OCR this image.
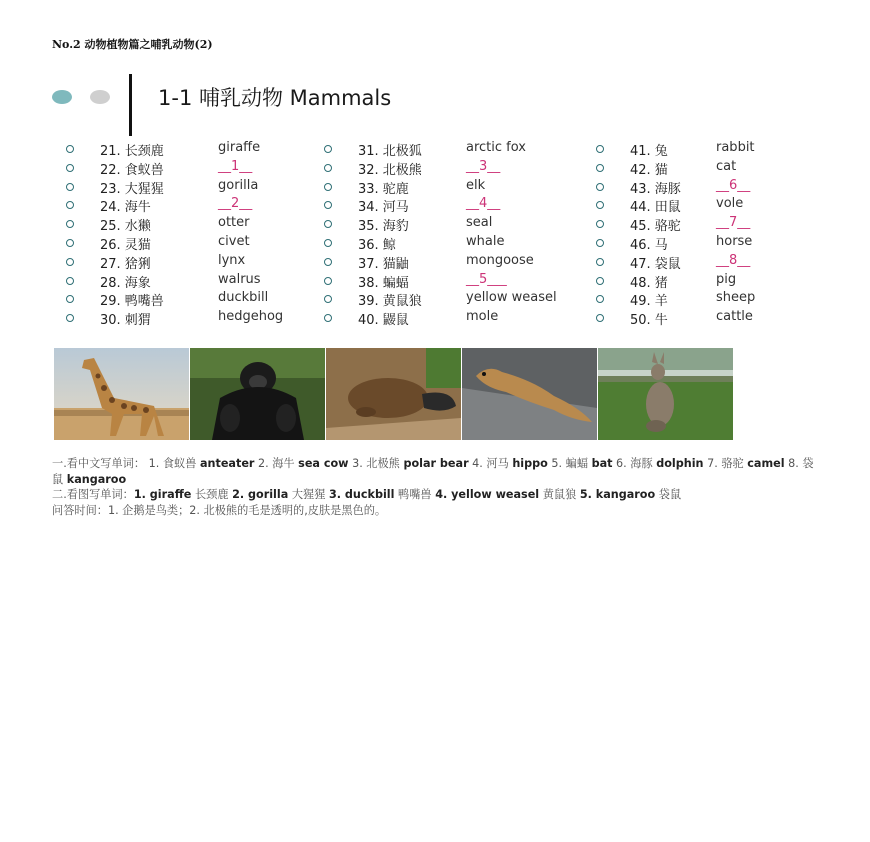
No.2 动物植物篇之哺乳动物(2)
1-1 哺乳动物 Mammals
21. 长颈鹿	giraffe
22. 食蚁兽	__1__
23. 大猩猩	gorilla
24. 海牛	__2__
25. 水獭	otter
26. 灵猫	civet
27. 猞猁	lynx
28. 海象	walrus
29. 鸭嘴兽	duckbill
30. 刺猬	hedgehog
31. 北极狐	arctic fox
32. 北极熊	__3__
33. 驼鹿	elk
34. 河马	__4__
35. 海豹	seal
36. 鲸	whale
37. 猫鼬	mongoose
38. 蝙蝠	__5___
39. 黄鼠狼	yellow weasel
40. 鼹鼠	mole
41. 兔	rabbit
42. 猫	cat
43. 海豚	__6__
44. 田鼠	vole
45. 骆驼	__7__
46. 马	horse
47. 袋鼠	__8__
48. 猪	pig
49. 羊	sheep
50. 牛	cattle
一.看中文写单词： 1. 食蚁兽 anteater 2. 海牛 sea cow 3. 北极熊 polar bear 4. 河马 hippo 5. 蝙蝠 bat 6. 海豚 dolphin 7. 骆驼 camel 8. 袋鼠 kangaroo
二.看图写单词：1. giraffe 长颈鹿 2. gorilla 大猩猩 3. duckbill 鸭嘴兽 4. yellow weasel 黄鼠狼 5. kangaroo 袋鼠
问答时间：1. 企鹅是鸟类；2. 北极熊的毛是透明的,皮肤是黑色的。
